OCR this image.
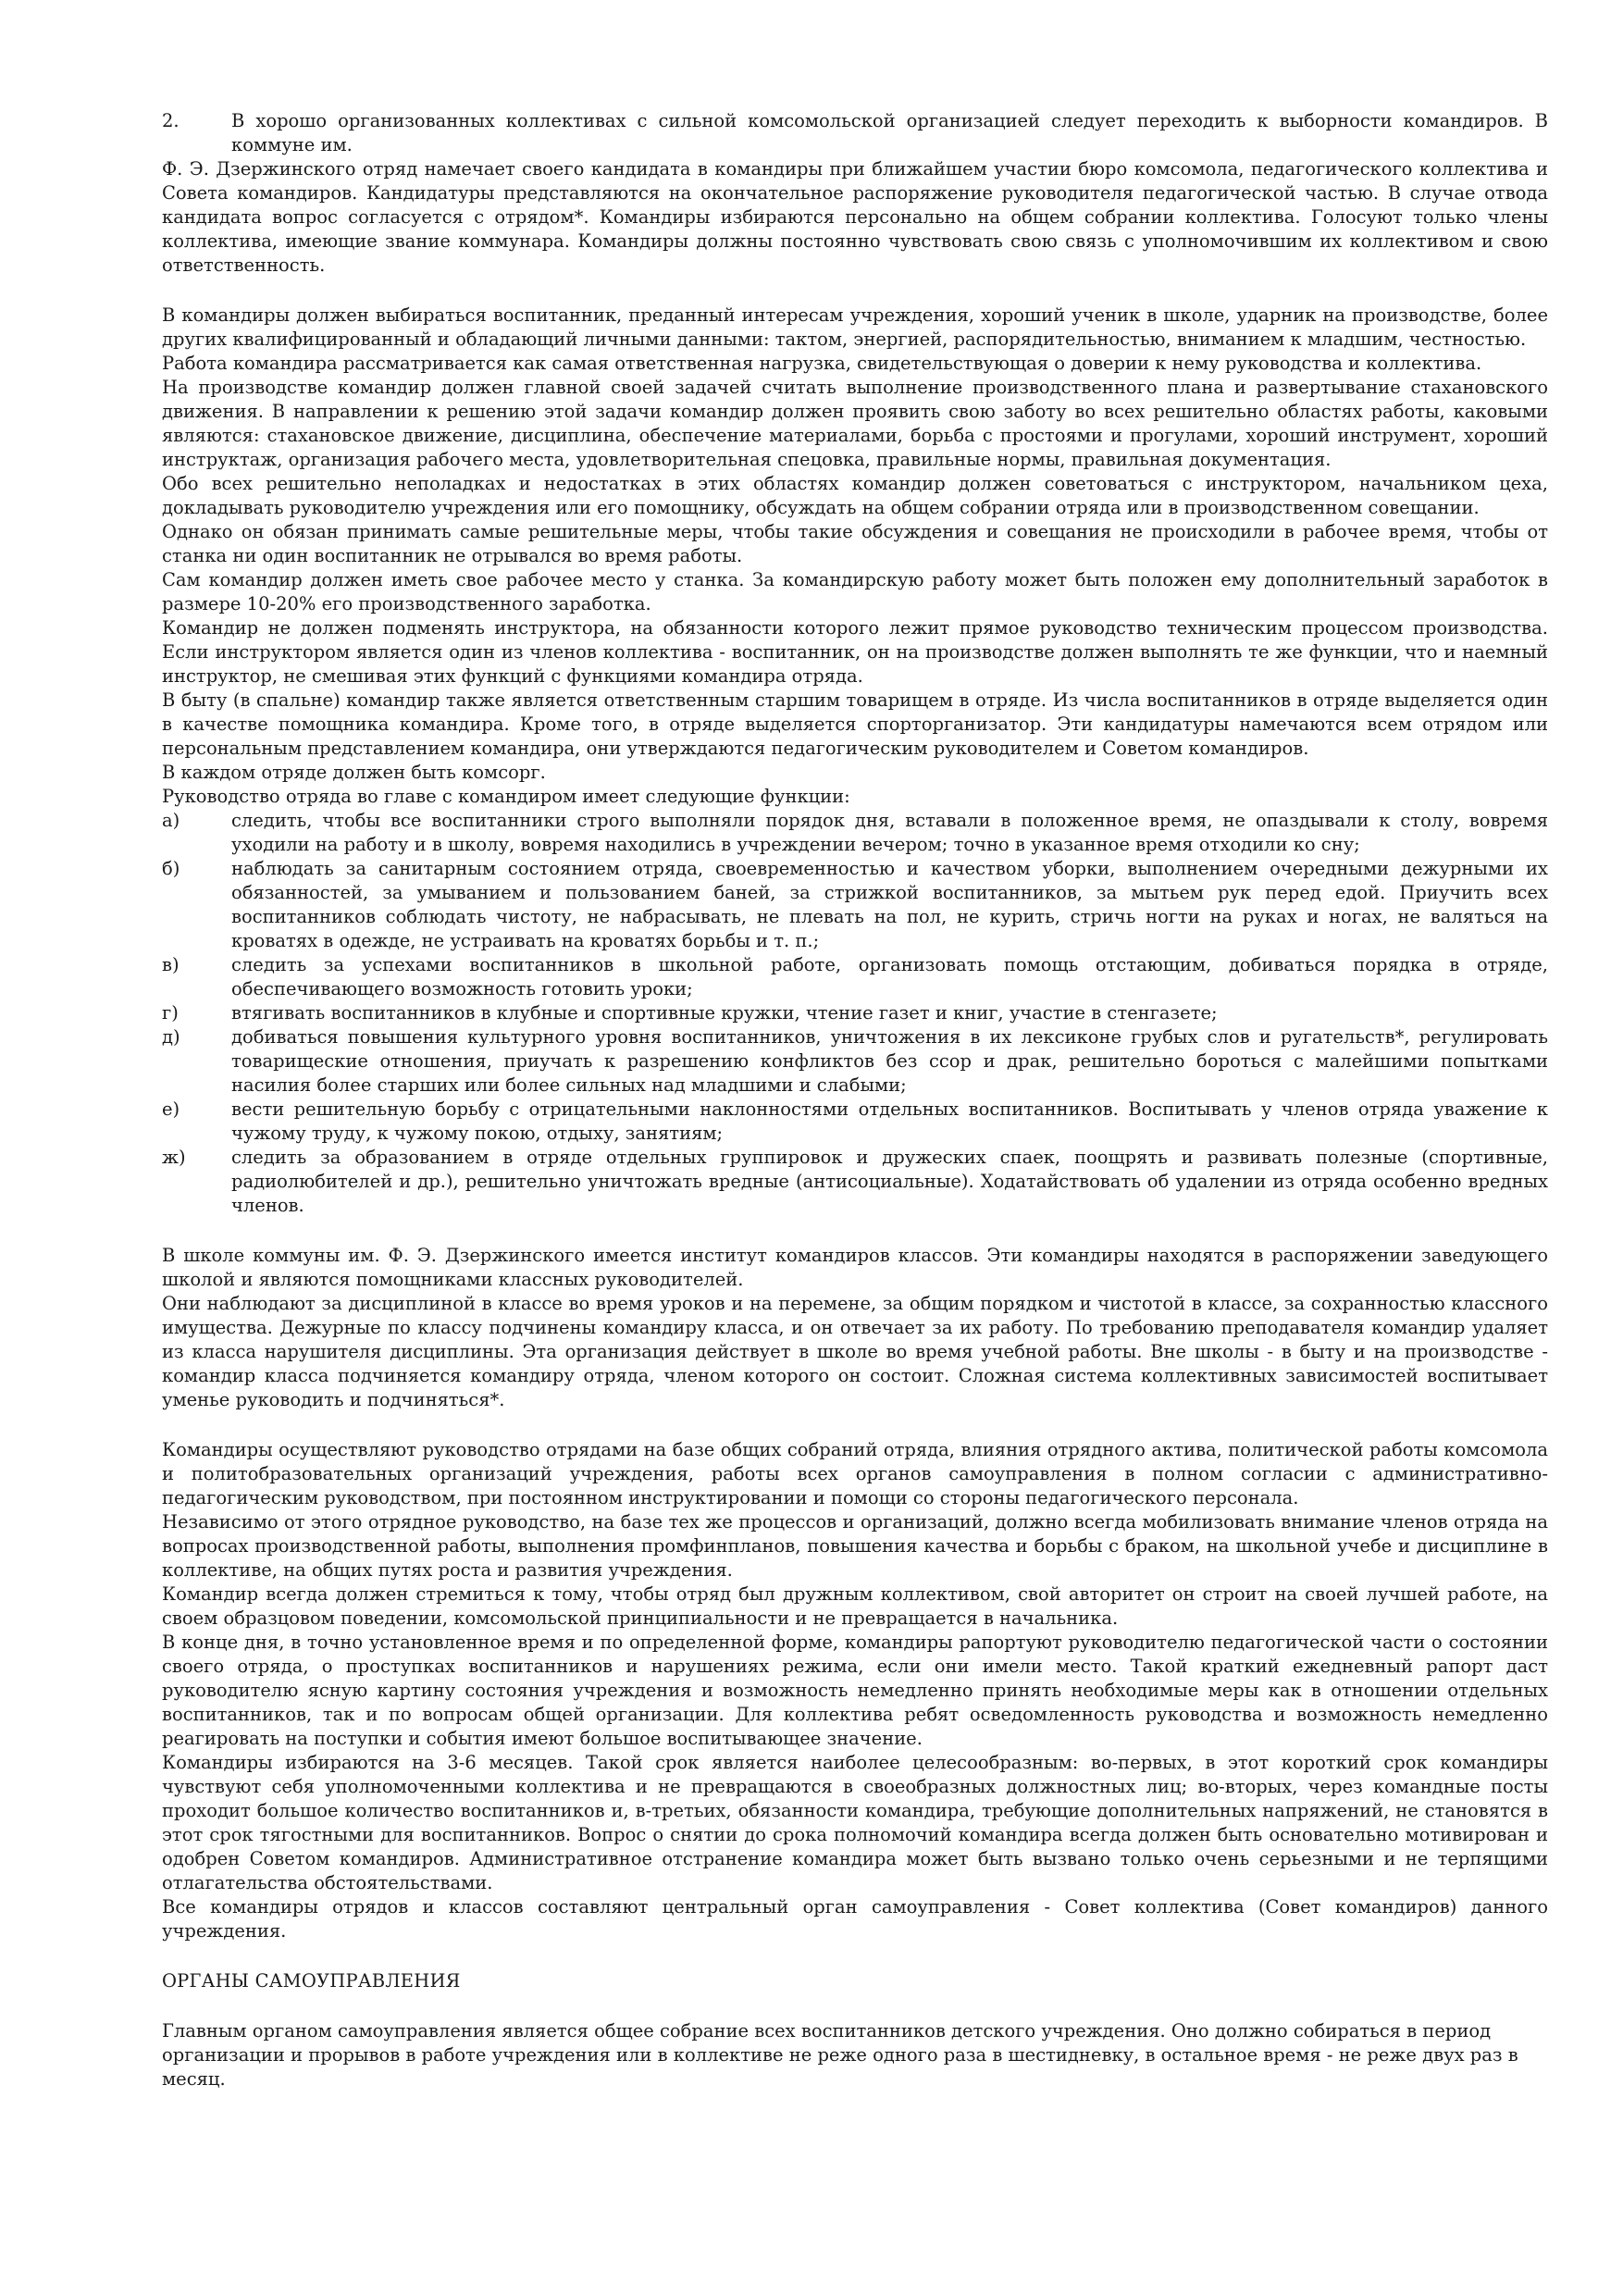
2.	В хорошо организованных коллективах с сильной комсомольской организацией следует переходить к выборности командиров. В коммуне им.

Ф. Э. Дзержинского отряд намечает своего кандидата в командиры при ближайшем участии бюро комсомола, педагогического коллектива и Совета командиров. Кандидатуры представляются на окончательное распоряжение руководителя педагогической частью. В случае отвода кандидата вопрос согласуется с отрядом*. Командиры избираются персонально на общем собрании коллектива. Голосуют только члены коллектива, имеющие звание коммунара. Командиры должны постоянно чувствовать свою связь с уполномочившим их коллективом и свою ответственность.

В командиры должен выбираться воспитанник, преданный интересам учреждения, хороший ученик в школе, ударник на производстве, более других квалифицированный и обладающий личными данными: тактом, энергией, распорядительностью, вниманием к младшим, честностью.

Работа командира рассматривается как самая ответственная нагрузка, свидетельствующая о доверии к нему руководства и коллектива.

На производстве командир должен главной своей задачей считать выполнение производственного плана и развертывание стахановского движения. В направлении к решению этой задачи командир должен проявить свою заботу во всех решительно областях работы, каковыми являются: стахановское движение, дисциплина, обеспечение материалами, борьба с простоями и прогулами, хороший инструмент, хороший инструктаж, организация рабочего места, удовлетворительная спецовка, правильные нормы, правильная документация.

Обо всех решительно неполадках и недостатках в этих областях командир должен советоваться с инструктором, начальником цеха, докладывать руководителю учреждения или его помощнику, обсуждать на общем собрании отряда или в производственном совещании.

Однако он обязан принимать самые решительные меры, чтобы такие обсуждения и совещания не происходили в рабочее время, чтобы от станка ни один воспитанник не отрывался во время работы.

Сам командир должен иметь свое рабочее место у станка. За командирскую работу может быть положен ему дополнительный заработок в размере 10-20% его производственного заработка.

Командир не должен подменять инструктора, на обязанности которого лежит прямое руководство техническим процессом производства. Если инструктором является один из членов коллектива - воспитанник, он на производстве должен выполнять те же функции, что и наемный инструктор, не смешивая этих функций с функциями командира отряда.

В быту (в спальне) командир также является ответственным старшим товарищем в отряде. Из числа воспитанников в отряде выделяется один в качестве помощника командира. Кроме того, в отряде выделяется спорторганизатор. Эти кандидатуры намечаются всем отрядом или персональным представлением командира, они утверждаются педагогическим руководителем и Советом командиров.

В каждом отряде должен быть комсорг.

Руководство отряда во главе с командиром имеет следующие функции:

а)	следить, чтобы все воспитанники строго выполняли порядок дня, вставали в положенное время, не опаздывали к столу, вовремя уходили на работу и в школу, вовремя находились в учреждении вечером; точно в указанное время отходили ко сну;
б)	наблюдать за санитарным состоянием отряда, своевременностью и качеством уборки, выполнением очередными дежурными их обязанностей, за умыванием и пользованием баней, за стрижкой воспитанников, за мытьем рук перед едой. Приучить всех воспитанников соблюдать чистоту, не набрасывать, не плевать на пол, не курить, стричь ногти на руках и ногах, не валяться на кроватях в одежде, не устраивать на кроватях борьбы и т. п.;
в)	следить за успехами воспитанников в школьной работе, организовать помощь отстающим, добиваться порядка в отряде, обеспечивающего возможность готовить уроки;
г)	втягивать воспитанников в клубные и спортивные кружки, чтение газет и книг, участие в стенгазете;
д)	добиваться повышения культурного уровня воспитанников, уничтожения в их лексиконе грубых слов и ругательств*, регулировать товарищеские отношения, приучать к разрешению конфликтов без ссор и драк, решительно бороться с малейшими попытками насилия более старших или более сильных над младшими и слабыми;
е)	вести решительную борьбу с отрицательными наклонностями отдельных воспитанников. Воспитывать у членов отряда уважение к чужому труду, к чужому покою, отдыху, занятиям;
ж)	следить за образованием в отряде отдельных группировок и дружеских спаек, поощрять и развивать полезные (спортивные, радиолюбителей и др.), решительно уничтожать вредные (антисоциальные). Ходатайствовать об удалении из отряда особенно вредных членов.

В школе коммуны им. Ф. Э. Дзержинского имеется институт командиров классов. Эти командиры находятся в распоряжении заведующего школой и являются помощниками классных руководителей.

Они наблюдают за дисциплиной в классе во время уроков и на перемене, за общим порядком и чистотой в классе, за сохранностью классного имущества. Дежурные по классу подчинены командиру класса, и он отвечает за их работу. По требованию преподавателя командир удаляет из класса нарушителя дисциплины. Эта организация действует в школе во время учебной работы. Вне школы - в быту и на производстве - командир класса подчиняется командиру отряда, членом которого он состоит. Сложная система коллективных зависимостей воспитывает уменье руководить и подчиняться*.

Командиры осуществляют руководство отрядами на базе общих собраний отряда, влияния отрядного актива, политической работы комсомола и политобразовательных организаций учреждения, работы всех органов самоуправления в полном согласии с административно-педагогическим руководством, при постоянном инструктировании и помощи со стороны педагогического персонала.

Независимо от этого отрядное руководство, на базе тех же процессов и организаций, должно всегда мобилизовать внимание членов отряда на вопросах производственной работы, выполнения промфинпланов, повышения качества и борьбы с браком, на школьной учебе и дисциплине в коллективе, на общих путях роста и развития учреждения.

Командир всегда должен стремиться к тому, чтобы отряд был дружным коллективом, свой авторитет он строит на своей лучшей работе, на своем образцовом поведении, комсомольской принципиальности и не превращается в начальника.

В конце дня, в точно установленное время и по определенной форме, командиры рапортуют руководителю педагогической части о состоянии своего отряда, о проступках воспитанников и нарушениях режима, если они имели место. Такой краткий ежедневный рапорт даст руководителю ясную картину состояния учреждения и возможность немедленно принять необходимые меры как в отношении отдельных воспитанников, так и по вопросам общей организации. Для коллектива ребят осведомленность руководства и возможность немедленно реагировать на поступки и события имеют большое воспитывающее значение.

Командиры избираются на 3-6 месяцев. Такой срок является наиболее целесообразным: во-первых, в этот короткий срок командиры чувствуют себя уполномоченными коллектива и не превращаются в своеобразных должностных лиц; во-вторых, через командные посты проходит большое количество воспитанников и, в-третьих, обязанности командира, требующие дополнительных напряжений, не становятся в этот срок тягостными для воспитанников. Вопрос о снятии до срока полномочий командира всегда должен быть основательно мотивирован и одобрен Советом командиров. Административное отстранение командира может быть вызвано только очень серьезными и не терпящими отлагательства обстоятельствами.

Все командиры отрядов и классов составляют центральный орган самоуправления - Совет коллектива (Совет командиров) данного учреждения.

ОРГАНЫ САМОУПРАВЛЕНИЯ

Главным органом самоуправления является общее собрание всех воспитанников детского учреждения. Оно должно собираться в период организации и прорывов в работе учреждения или в коллективе не реже одного раза в шестидневку, в остальное время - не реже двух раз в месяц.
